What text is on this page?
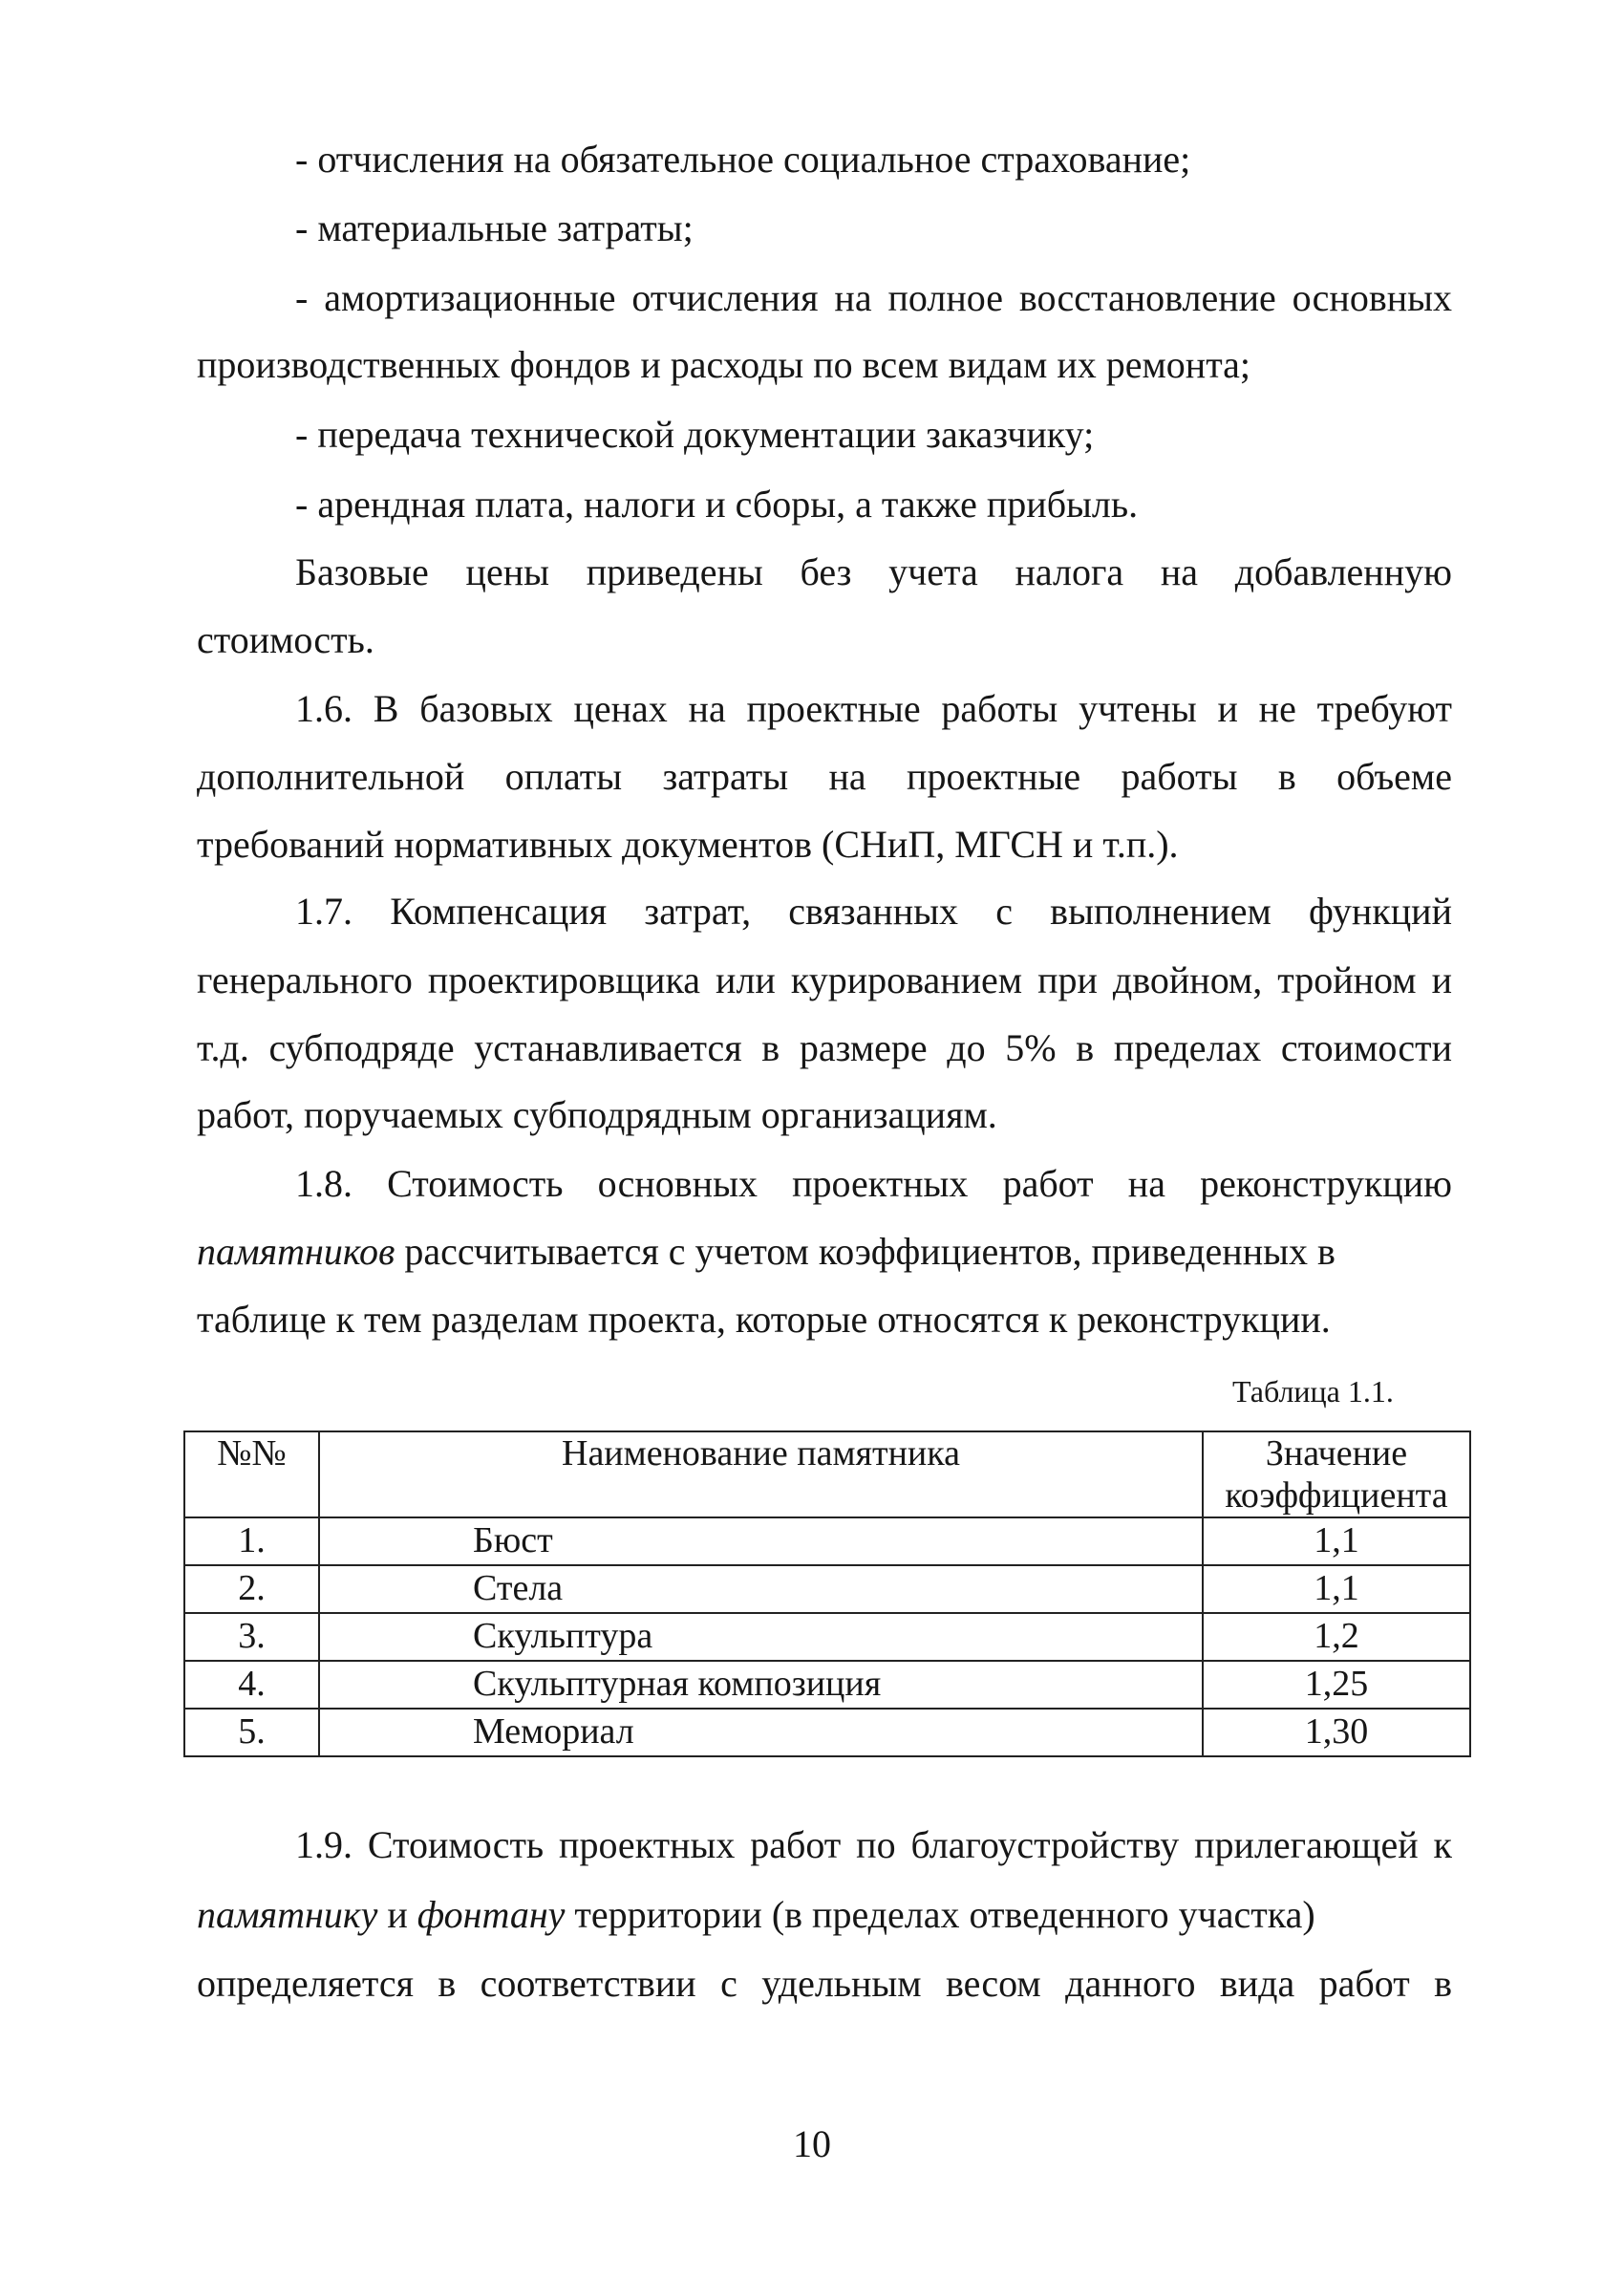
- отчисления на обязательное социальное страхование;
- материальные затраты;
- амортизационные отчисления на полное восстановление основных
производственных фондов и расходы по всем видам их ремонта;
- передача технической документации заказчику;
- арендная плата, налоги и сборы, а также прибыль.
Базовые цены приведены без учета налога на добавленную
стоимость.
1.6. В базовых ценах на проектные работы учтены и не требуют
дополнительной оплаты затраты на проектные работы в объеме
требований нормативных документов (СНиП, МГСН и т.п.).
1.7. Компенсация затрат, связанных с выполнением функций
генерального проектировщика или курированием при двойном, тройном и
т.д. субподряде устанавливается в размере до 5% в пределах стоимости
работ, поручаемых субподрядным организациям.
1.8. Стоимость основных проектных работ на реконструкцию
памятников рассчитывается с учетом коэффициентов, приведенных в
таблице к тем разделам проекта, которые относятся к реконструкции.
Таблица 1.1.
№№	Наименование памятника	Значение коэффициента
1.	Бюст	1,1
2.	Стела	1,1
3.	Скульптура	1,2
4.	Скульптурная композиция	1,25
5.	Мемориал	1,30
1.9. Стоимость проектных работ по благоустройству прилегающей к
памятнику и фонтану территории (в пределах отведенного участка)
определяется в соответствии с удельным весом данного вида работ в
10
